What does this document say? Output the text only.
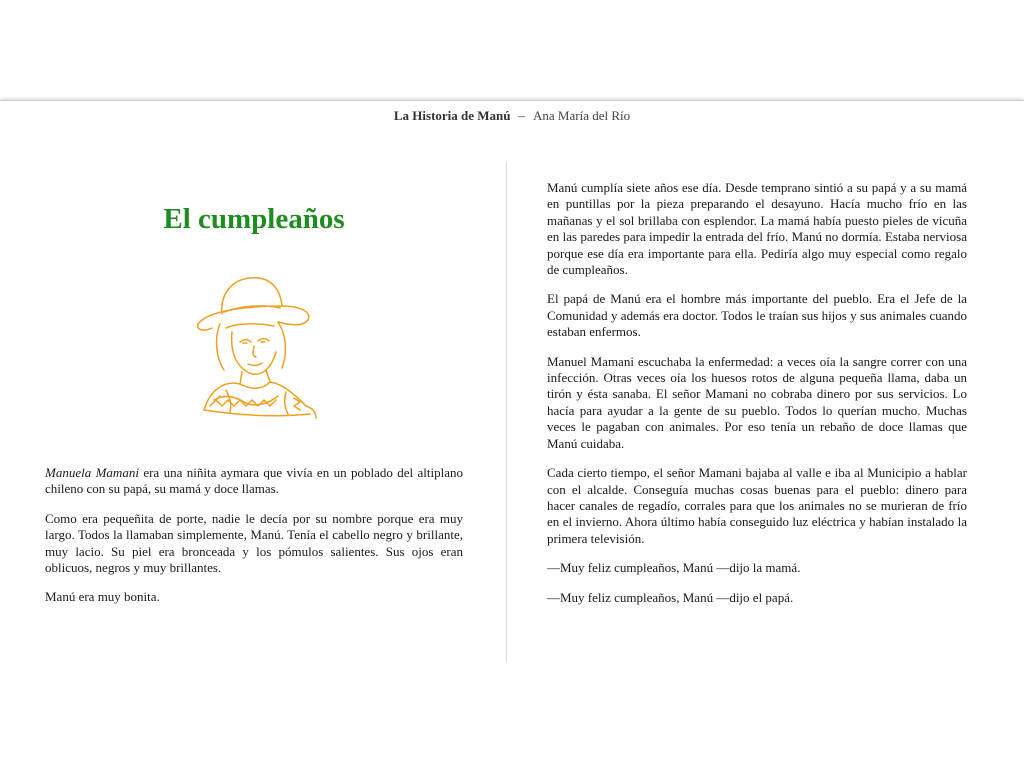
La Historia de Manú – Ana María del Río
El cumpleaños

Manuela Mamani era una niñita aymara que vivía en un poblado del altiplano chileno con su papá, su mamá y doce llamas.

Como era pequeñita de porte, nadie le decía por su nombre porque era muy largo. Todos la llamaban simplemente, Manú. Tenía el cabello negro y brillante, muy lacio. Su piel era bronceada y los pómulos salientes. Sus ojos eran oblicuos, negros y muy brillantes.

Manú era muy bonita.

Manú cumplía siete años ese día. Desde temprano sintió a su papá y a su mamá en puntillas por la pieza preparando el desayuno. Hacía mucho frío en las mañanas y el sol brillaba con esplendor. La mamá había puesto pieles de vicuña en las paredes para impedir la entrada del frío. Manú no dormía. Estaba nerviosa porque ese día era importante para ella. Pediría algo muy especial como regalo de cumpleaños.

El papá de Manú era el hombre más importante del pueblo. Era el Jefe de la Comunidad y además era doctor. Todos le traían sus hijos y sus animales cuando estaban enfermos.

Manuel Mamani escuchaba la enfermedad: a veces oía la sangre correr con una infección. Otras veces oía los huesos rotos de alguna pequeña llama, daba un tirón y ésta sanaba. El señor Mamani no cobraba dinero por sus servicios. Lo hacía para ayudar a la gente de su pueblo. Todos lo querían mucho. Muchas veces le pagaban con animales. Por eso tenía un rebaño de doce llamas que Manú cuidaba.

Cada cierto tiempo, el señor Mamani bajaba al valle e iba al Municipio a hablar con el alcalde. Conseguía muchas cosas buenas para el pueblo: dinero para hacer canales de regadío, corrales para que los animales no se murieran de frío en el invierno. Ahora último había conseguido luz eléctrica y habían instalado la primera televisión.

—Muy feliz cumpleaños, Manú —dijo la mamá.

—Muy feliz cumpleaños, Manú —dijo el papá.
